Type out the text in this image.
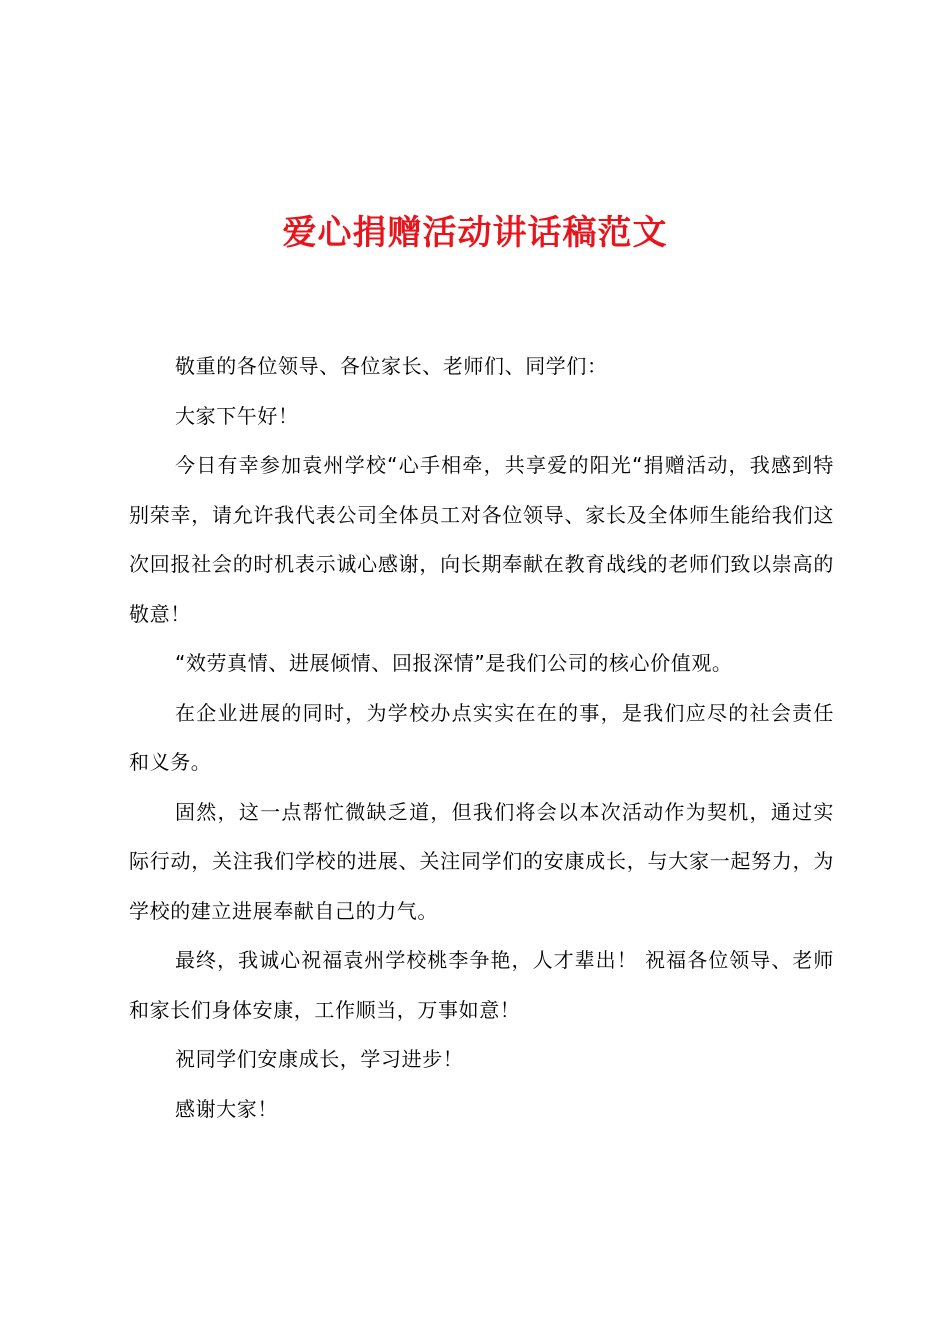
爱心捐赠活动讲话稿范文

敬重的各位领导、各位家长、老师们、同学们：

大家下午好！

今日有幸参加袁州学校“心手相牵，共享爱的阳光“捐赠活动，我感到特别荣幸，请允许我代表公司全体员工对各位领导、家长及全体师生能给我们这次回报社会的时机表示诚心感谢，向长期奉献在教育战线的老师们致以崇高的敬意！

“效劳真情、进展倾情、回报深情”是我们公司的核心价值观。

在企业进展的同时，为学校办点实实在在的事，是我们应尽的社会责任和义务。

固然，这一点帮忙微缺乏道，但我们将会以本次活动作为契机，通过实际行动，关注我们学校的进展、关注同学们的安康成长，与大家一起努力，为学校的建立进展奉献自己的力气。

最终，我诚心祝福袁州学校桃李争艳，人才辈出！ 祝福各位领导、老师和家长们身体安康，工作顺当，万事如意！

祝同学们安康成长，学习进步！

感谢大家！
